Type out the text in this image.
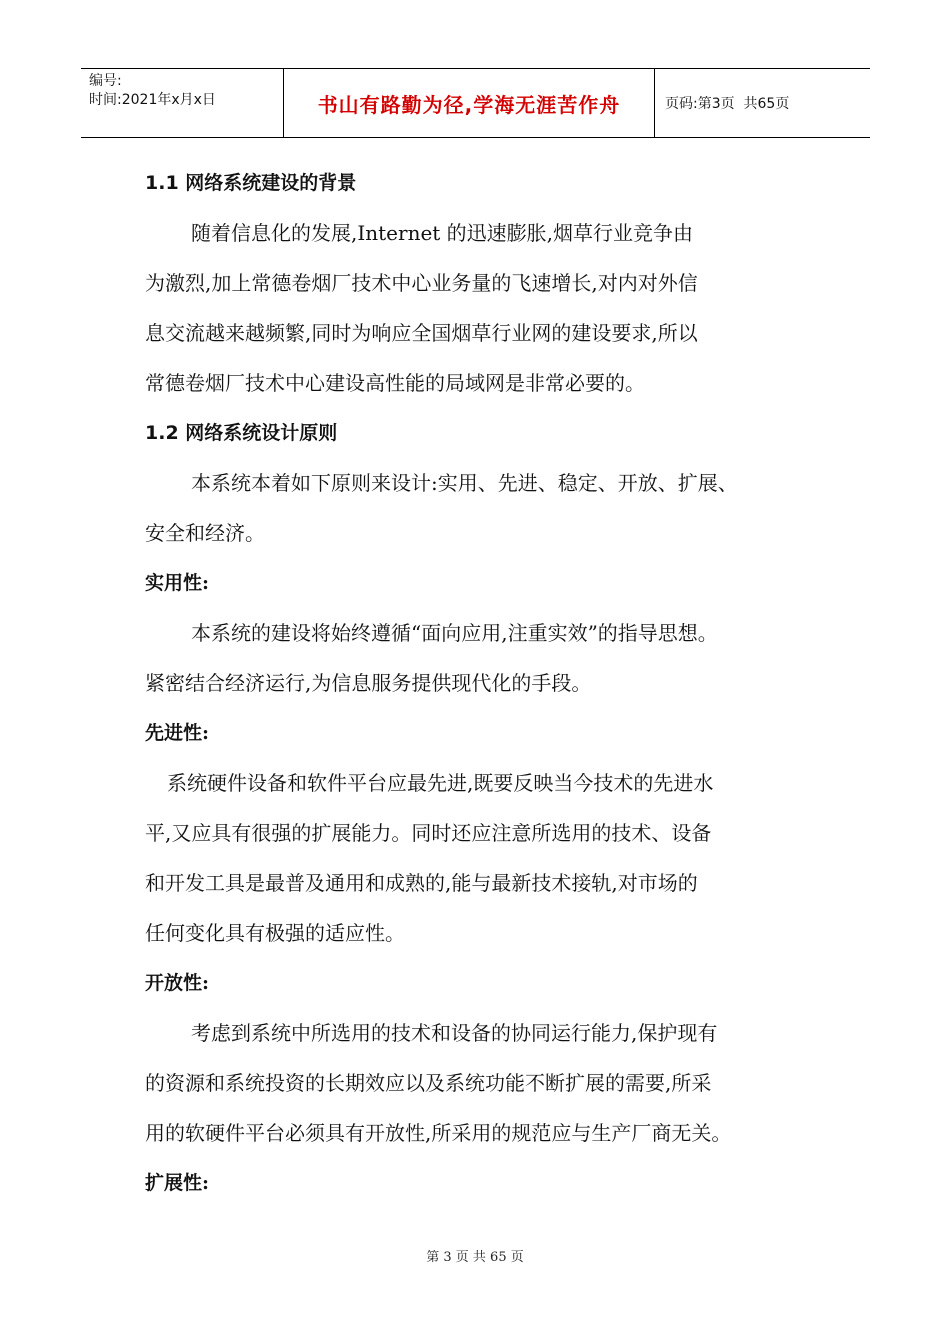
编号:
时间:2021年x月x日	书山有路勤为径,学海无涯苦作舟	页码:第3页  共65页
1.1 网络系统建设的背景
随着信息化的发展,Internet 的迅速膨胀,烟草行业竞争由
为激烈,加上常德卷烟厂技术中心业务量的飞速增长,对内对外信
息交流越来越频繁,同时为响应全国烟草行业网的建设要求,所以
常德卷烟厂技术中心建设高性能的局域网是非常必要的。
1.2 网络系统设计原则
本系统本着如下原则来设计:实用、先进、稳定、开放、扩展、
安全和经济。
实用性:
本系统的建设将始终遵循“面向应用,注重实效”的指导思想。
紧密结合经济运行,为信息服务提供现代化的手段。
先进性:
系统硬件设备和软件平台应最先进,既要反映当今技术的先进水
平,又应具有很强的扩展能力。同时还应注意所选用的技术、设备
和开发工具是最普及通用和成熟的,能与最新技术接轨,对市场的
任何变化具有极强的适应性。
开放性:
考虑到系统中所选用的技术和设备的协同运行能力,保护现有
的资源和系统投资的长期效应以及系统功能不断扩展的需要,所采
用的软硬件平台必须具有开放性,所采用的规范应与生产厂商无关。
扩展性:
第 3 页 共 65 页
